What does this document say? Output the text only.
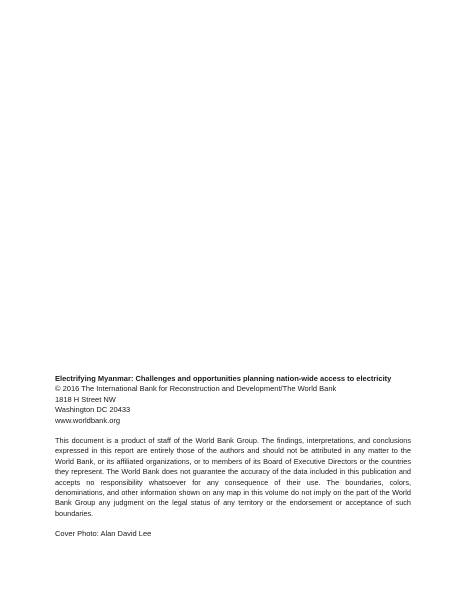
Electrifying Myanmar: Challenges and opportunities planning nation-wide access to electricity

© 2016 The International Bank for Reconstruction and Development/The World Bank

1818 H Street NW

Washington DC 20433

www.worldbank.org

This document is a product of staff of the World Bank Group. The findings, interpretations, and conclusions expressed in this report are entirely those of the authors and should not be attributed in any matter to the World Bank, or its affiliated organizations, or to members of its Board of Executive Directors or the countries they represent. The World Bank does not guarantee the accuracy of the data included in this publication and accepts no responsibility whatsoever for any consequence of their use. The boundaries, colors, denominations, and other information shown on any map in this volume do not imply on the part of the World Bank Group any judgment on the legal status of any territory or the endorsement or acceptance of such boundaries.

Cover Photo: Alan David Lee
